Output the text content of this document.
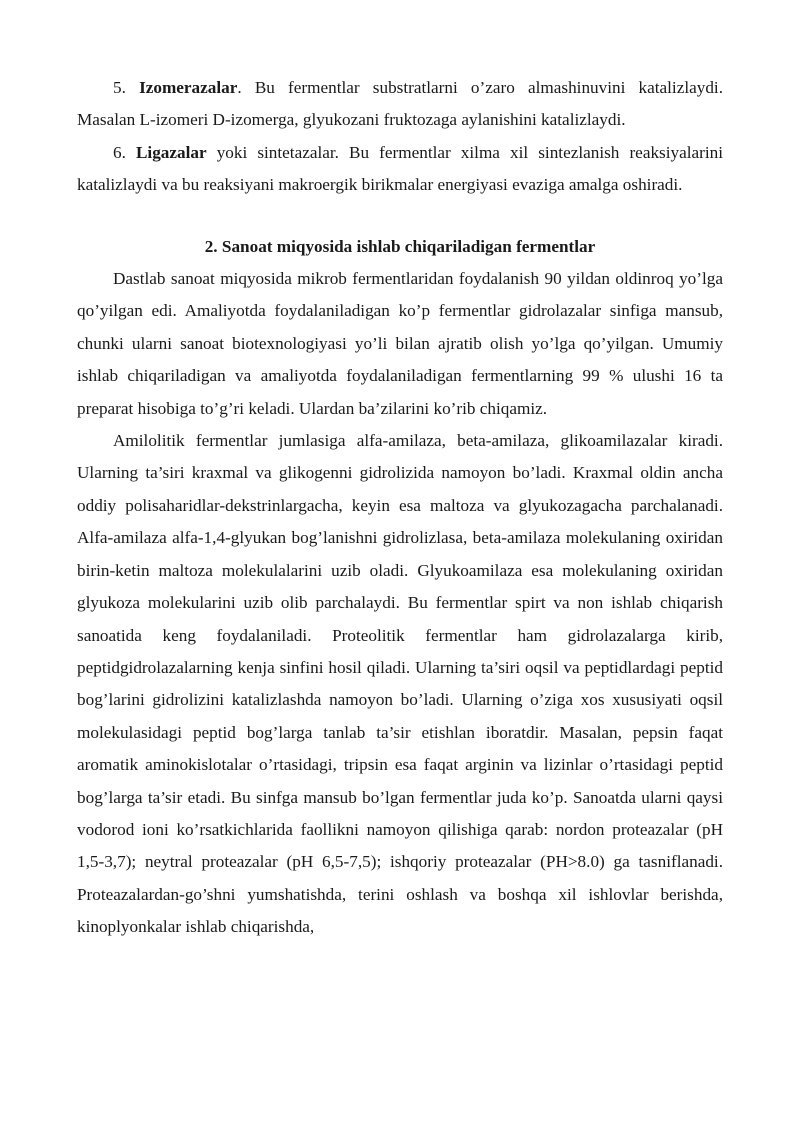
5. Izomerazalar. Bu fermentlar substratlarni o’zaro almashinuvini katalizlaydi. Masalan L-izomeri D-izomerga, glyukozani fruktozaga aylanishini katalizlaydi.

6. Ligazalar yoki sintetazalar. Bu fermentlar xilma xil sintezlanish reaksiyalarini katalizlaydi va bu reaksiyani makroergik birikmalar energiyasi evaziga amalga oshiradi.

2. Sanoat miqyosida ishlab chiqariladigan fermentlar

Dastlab sanoat miqyosida mikrob fermentlaridan foydalanish 90 yildan oldinroq yo’lga qo’yilgan edi. Amaliyotda foydalaniladigan ko’p fermentlar gidrolazalar sinfiga mansub, chunki ularni sanoat biotexnologiyasi yo’li bilan ajratib olish yo’lga qo’yilgan. Umumiy ishlab chiqariladigan va amaliyotda foydalaniladigan fermentlarning 99 % ulushi 16 ta preparat hisobiga to’g’ri keladi. Ulardan ba’zilarini ko’rib chiqamiz.

Amilolitik fermentlar jumlasiga alfa-amilaza, beta-amilaza, glikoamilazalar kiradi. Ularning ta’siri kraxmal va glikogenni gidrolizida namoyon bo’ladi. Kraxmal oldin ancha oddiy polisaharidlar-dekstrinlargacha, keyin esa maltoza va glyukozagacha parchalanadi. Alfa-amilaza alfa-1,4-glyukan bog’lanishni gidrolizlasa, beta-amilaza molekulaning oxiridan birin-ketin maltoza molekulalarini uzib oladi. Glyukoamilaza esa molekulaning oxiridan glyukoza molekularini uzib olib parchalaydi. Bu fermentlar spirt va non ishlab chiqarish sanoatida keng foydalaniladi. Proteolitik fermentlar ham gidrolazalarga kirib, peptidgidrolazalarning kenja sinfini hosil qiladi. Ularning ta’siri oqsil va peptidlardagi peptid bog’larini gidrolizini katalizlashda namoyon bo’ladi. Ularning o’ziga xos xususiyati oqsil molekulasidagi peptid bog’larga tanlab ta’sir etishlan iboratdir. Masalan, pepsin faqat aromatik aminokislotalar o’rtasidagi, tripsin esa faqat arginin va lizinlar o’rtasidagi peptid bog’larga ta’sir etadi. Bu sinfga mansub bo’lgan fermentlar juda ko’p. Sanoatda ularni qaysi vodorod ioni ko’rsatkichlarida faollikni namoyon qilishiga qarab: nordon proteazalar (pH 1,5-3,7); neytral proteazalar (pH 6,5-7,5); ishqoriy proteazalar (PH>8.0) ga tasniflanadi. Proteazalardan-go’shni yumshatishda, terini oshlash va boshqa xil ishlovlar berishda, kinoplyonkalar ishlab chiqarishda,
